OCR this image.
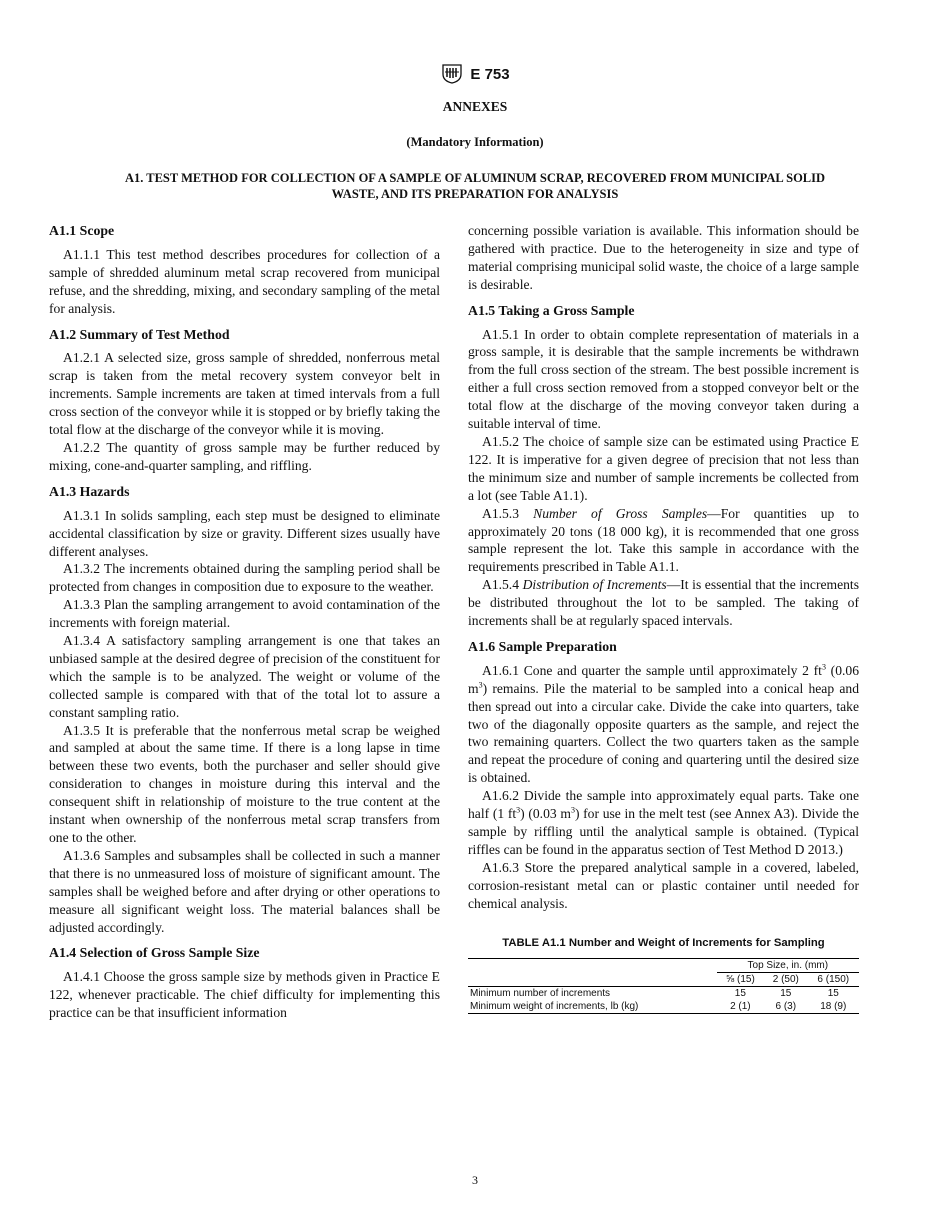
E 753
ANNEXES
(Mandatory Information)
A1. TEST METHOD FOR COLLECTION OF A SAMPLE OF ALUMINUM SCRAP, RECOVERED FROM MUNICIPAL SOLID WASTE, AND ITS PREPARATION FOR ANALYSIS
A1.1 Scope

A1.1.1 This test method describes procedures for collection of a sample of shredded aluminum metal scrap recovered from municipal refuse, and the shredding, mixing, and secondary sampling of the metal for analysis.

A1.2 Summary of Test Method

A1.2.1 A selected size, gross sample of shredded, nonferrous metal scrap is taken from the metal recovery system conveyor belt in increments. Sample increments are taken at timed intervals from a full cross section of the conveyor while it is stopped or by briefly taking the total flow at the discharge of the conveyor while it is moving.

A1.2.2 The quantity of gross sample may be further reduced by mixing, cone-and-quarter sampling, and riffling.

A1.3 Hazards

A1.3.1 In solids sampling, each step must be designed to eliminate accidental classification by size or gravity. Different sizes usually have different analyses.

A1.3.2 The increments obtained during the sampling period shall be protected from changes in composition due to exposure to the weather.

A1.3.3 Plan the sampling arrangement to avoid contamination of the increments with foreign material.

A1.3.4 A satisfactory sampling arrangement is one that takes an unbiased sample at the desired degree of precision of the constituent for which the sample is to be analyzed. The weight or volume of the collected sample is compared with that of the total lot to assure a constant sampling ratio.

A1.3.5 It is preferable that the nonferrous metal scrap be weighed and sampled at about the same time. If there is a long lapse in time between these two events, both the purchaser and seller should give consideration to changes in moisture during this interval and the consequent shift in relationship of moisture to the true content at the instant when ownership of the nonferrous metal scrap transfers from one to the other.

A1.3.6 Samples and subsamples shall be collected in such a manner that there is no unmeasured loss of moisture of significant amount. The samples shall be weighed before and after drying or other operations to measure all significant weight loss. The material balances shall be adjusted accordingly.

A1.4 Selection of Gross Sample Size

A1.4.1 Choose the gross sample size by methods given in Practice E 122, whenever practicable. The chief difficulty for implementing this practice can be that insufficient information

concerning possible variation is available. This information should be gathered with practice. Due to the heterogeneity in size and type of material comprising municipal solid waste, the choice of a large sample is desirable.

A1.5 Taking a Gross Sample

A1.5.1 In order to obtain complete representation of materials in a gross sample, it is desirable that the sample increments be withdrawn from the full cross section of the stream. The best possible increment is either a full cross section removed from a stopped conveyor belt or the total flow at the discharge of the moving conveyor taken during a suitable interval of time.

A1.5.2 The choice of sample size can be estimated using Practice E 122. It is imperative for a given degree of precision that not less than the minimum size and number of sample increments be collected from a lot (see Table A1.1).

A1.5.3 Number of Gross Samples—For quantities up to approximately 20 tons (18 000 kg), it is recommended that one gross sample represent the lot. Take this sample in accordance with the requirements prescribed in Table A1.1.

A1.5.4 Distribution of Increments—It is essential that the increments be distributed throughout the lot to be sampled. The taking of increments shall be at regularly spaced intervals.

A1.6 Sample Preparation

A1.6.1 Cone and quarter the sample until approximately 2 $ft^3$ (0.06 $m^3$) remains. Pile the material to be sampled into a conical heap and then spread out into a circular cake. Divide the cake into quarters, take two of the diagonally opposite quarters as the sample, and reject the two remaining quarters. Collect the two quarters taken as the sample and repeat the procedure of coning and quartering until the desired size is obtained.

A1.6.2 Divide the sample into approximately equal parts. Take one half (1 $ft^3$) (0.03 $m^3$) for use in the melt test (see Annex A3). Divide the sample by riffling until the analytical sample is obtained. (Typical riffles can be found in the apparatus section of Test Method D 2013.)

A1.6.3 Store the prepared analytical sample in a covered, labeled, corrosion-resistant metal can or plastic container until needed for chemical analysis.

TABLE A1.1 Number and Weight of Increments for Sampling
	Top Size, in. (mm)		
	⅝ (15)	2 (50)	6 (150)
Minimum number of increments	15	15	15
Minimum weight of increments, lb (kg)	2 (1)	6 (3)	18 (9)
3
